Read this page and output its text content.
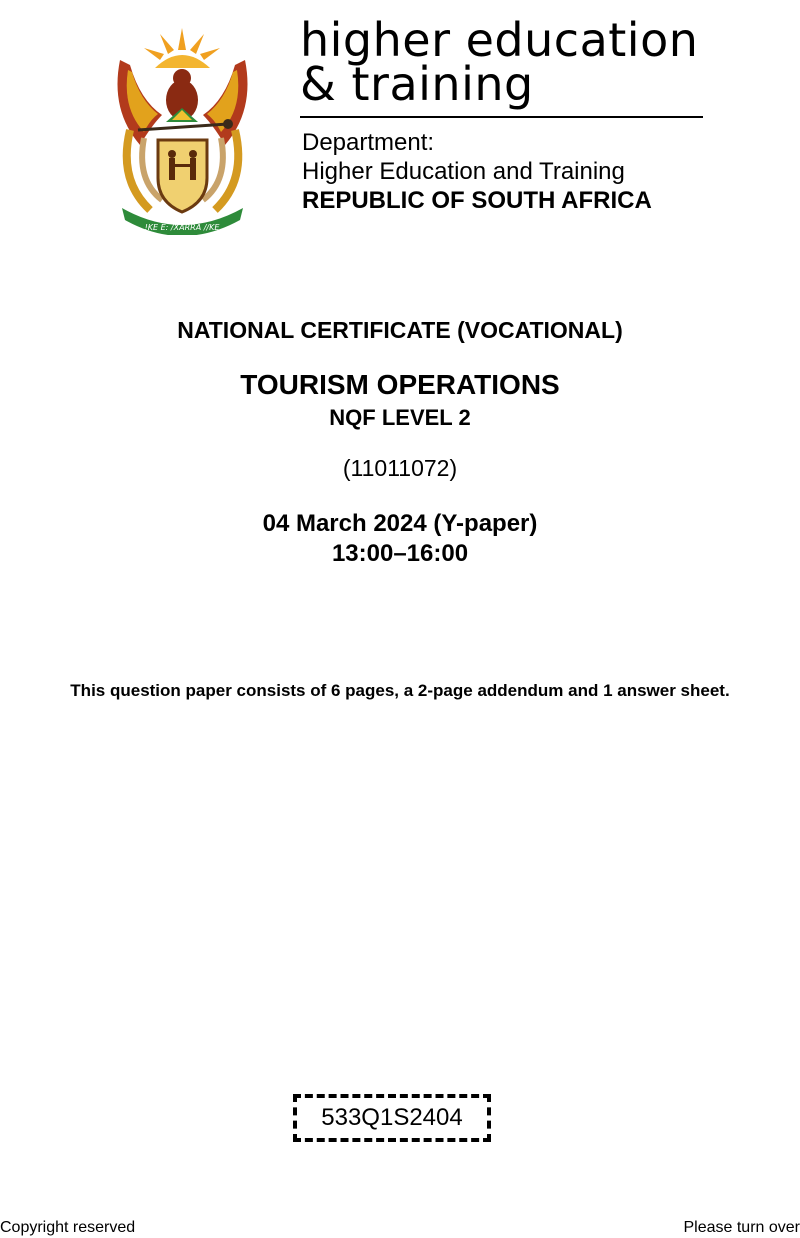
!KE E: /XARRA //KE
higher education
& training
Department:
Higher Education and Training
REPUBLIC OF SOUTH AFRICA
NATIONAL CERTIFICATE (VOCATIONAL)
TOURISM OPERATIONS
NQF LEVEL 2
(11011072)
04 March 2024 (Y-paper)
13:00–16:00
This question paper consists of 6 pages, a 2-page addendum and 1 answer sheet.
533Q1S2404
Copyright reserved	Please turn over
